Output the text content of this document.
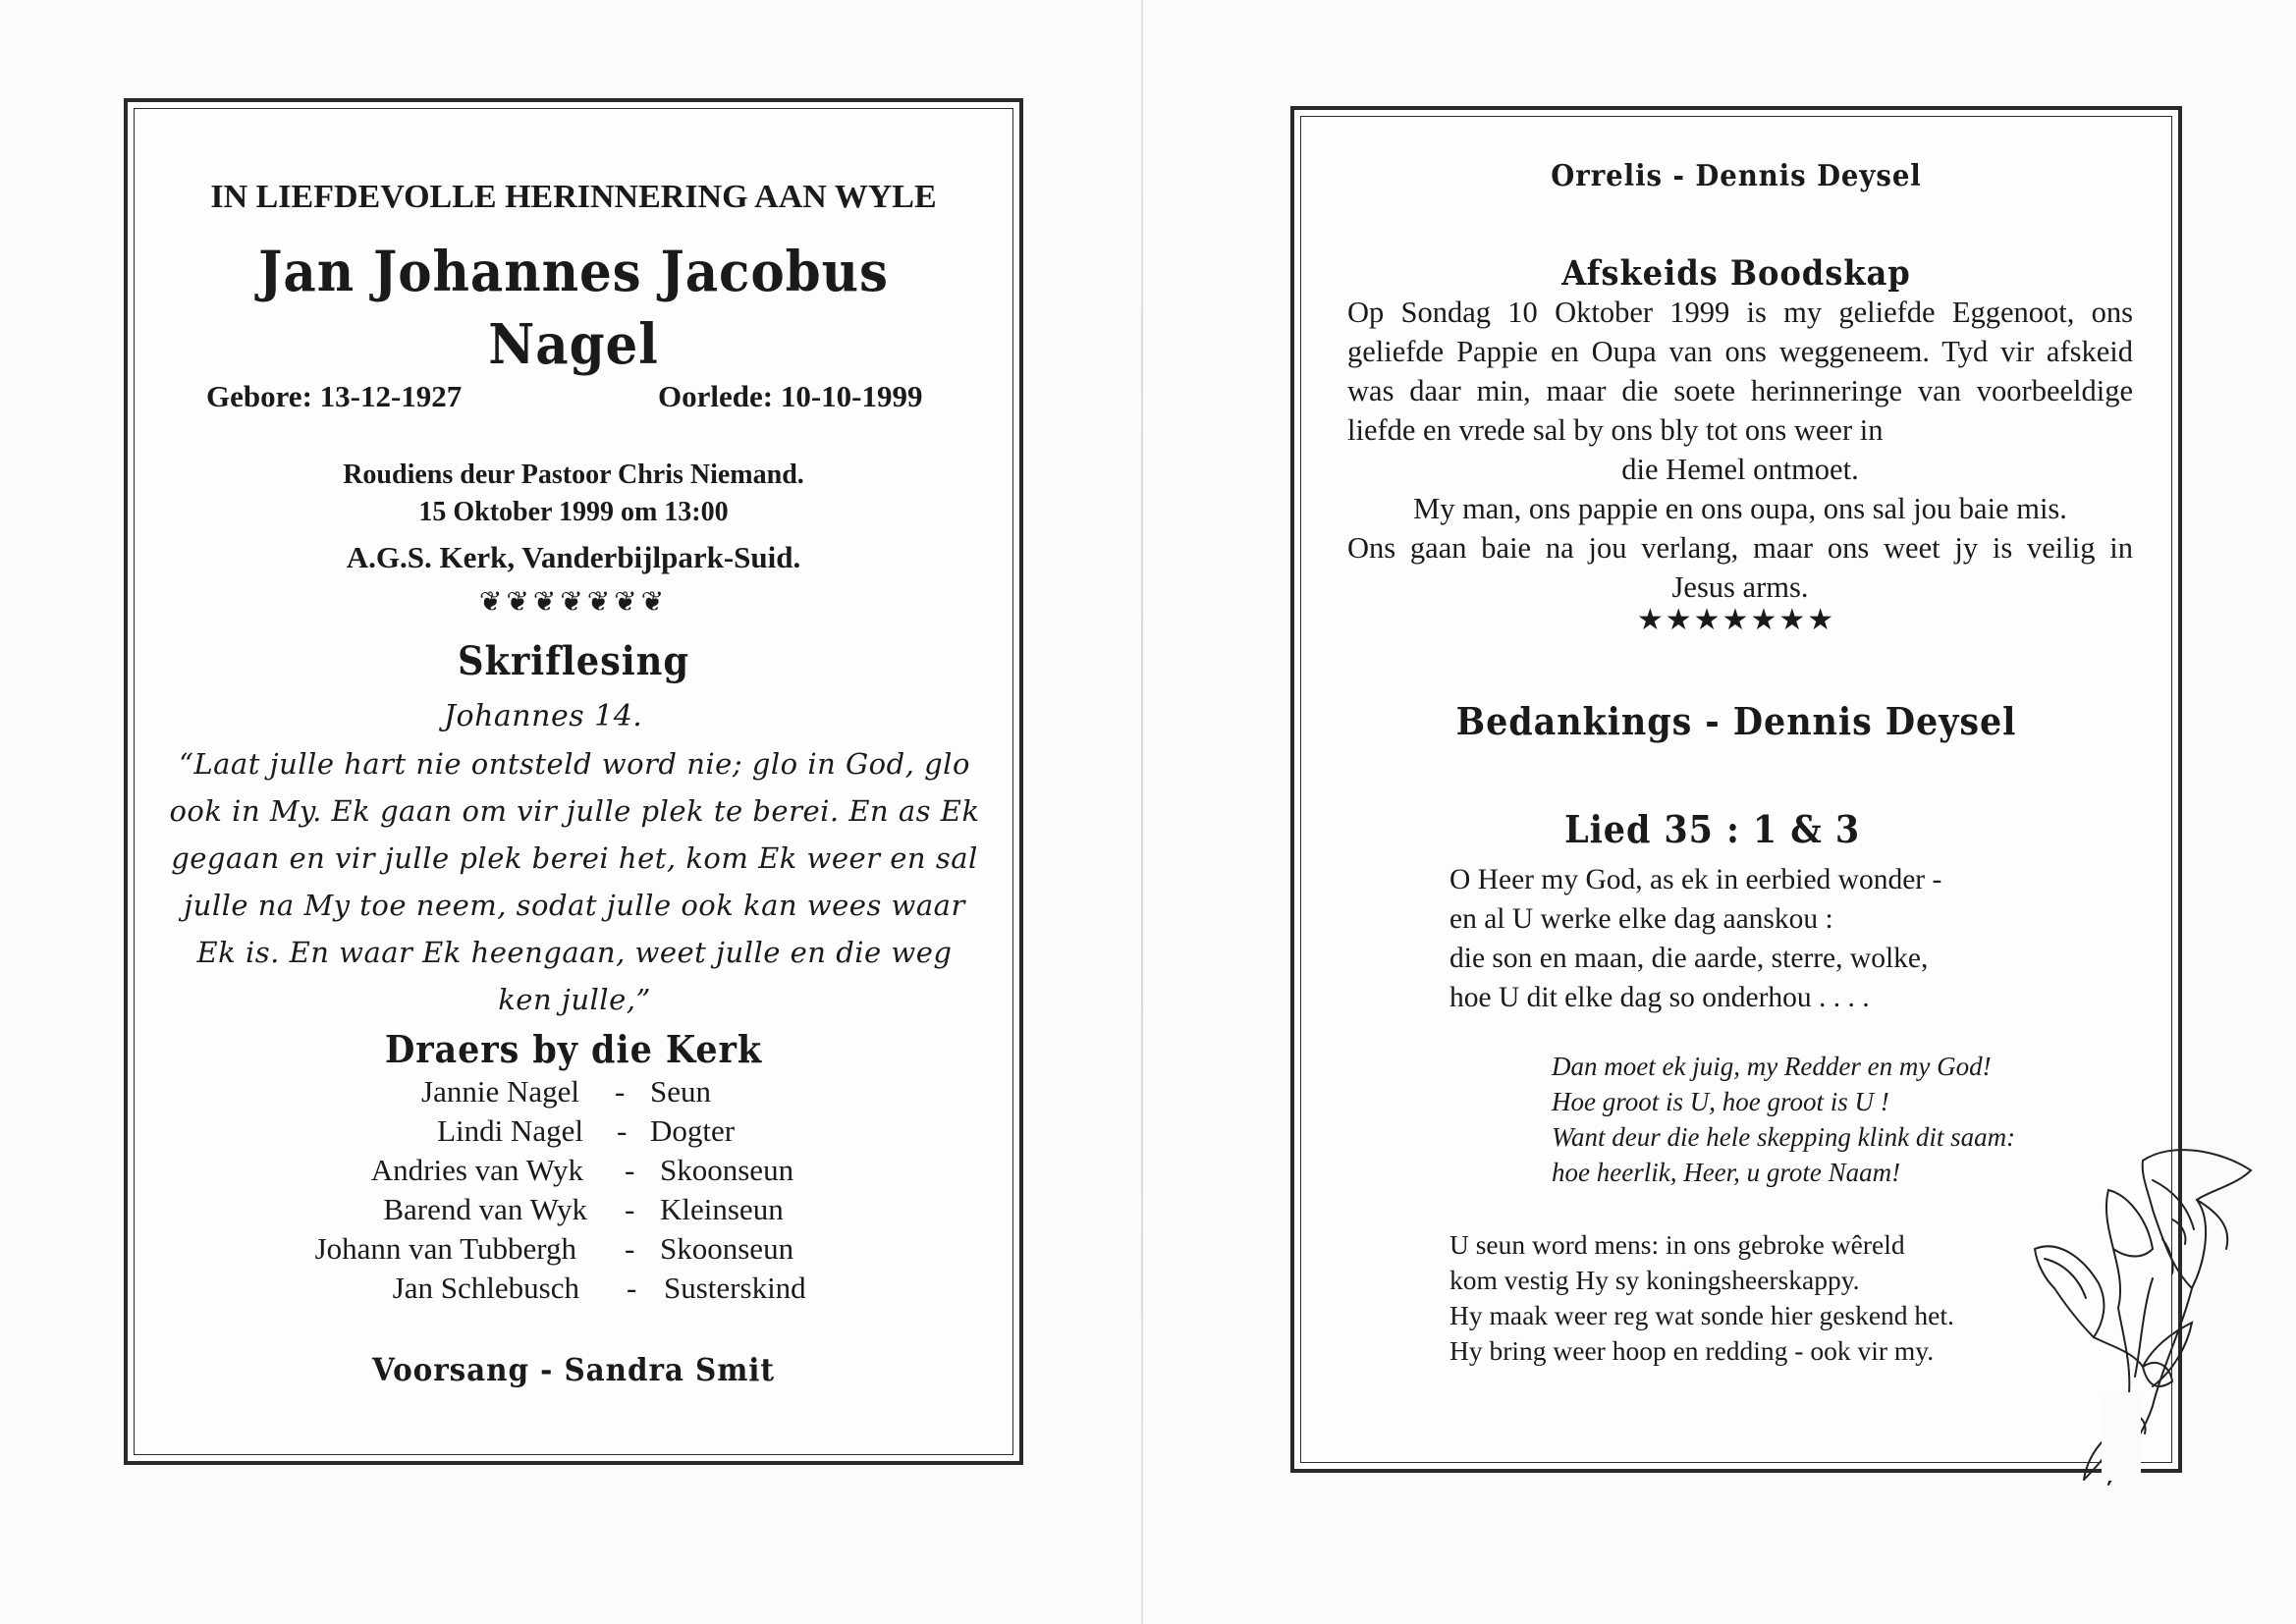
IN LIEFDEVOLLE HERINNERING AAN WYLE
Jan Johannes Jacobus
Nagel
Gebore: 13-12-1927	Oorlede: 10-10-1999
Roudiens deur Pastoor Chris Niemand.
15 Oktober 1999 om 13:00
A.G.S. Kerk, Vanderbijlpark-Suid.
❦❦❦❦❦❦❦
Skriflesing
Johannes 14.
“Laat julle hart nie ontsteld word nie; glo in God, glo ook in My. Ek gaan om vir julle plek te berei. En as Ek gegaan en vir julle plek berei het, kom Ek weer en sal julle na My toe neem, sodat julle ook kan wees waar Ek is. En waar Ek heengaan, weet julle en die weg ken julle,”
Draers by die Kerk
Jannie Nagel - Seun
Lindi Nagel - Dogter
Andries van Wyk - Skoonseun
Barend van Wyk - Kleinseun
Johann van Tubbergh - Skoonseun
Jan Schlebusch - Susterskind
Voorsang - Sandra Smit
Orrelis - Dennis Deysel
Afskeids Boodskap

Op Sondag 10 Oktober 1999 is my geliefde Eggenoot, ons geliefde Pappie en Oupa van ons weggeneem. Tyd vir afskeid was daar min, maar die soete herinneringe van voorbeeldige liefde en vrede sal by ons bly tot ons weer in

die Hemel ontmoet.

My man, ons pappie en ons oupa, ons sal jou baie mis.

Ons gaan baie na jou verlang, maar ons weet jy is veilig in

Jesus arms.

★★★★★★★
Bedankings - Dennis Deysel
Lied 35 : 1 & 3
O Heer my God, as ek in eerbied wonder -
en al U werke elke dag aanskou :
die son en maan, die aarde, sterre, wolke,
hoe U dit elke dag so onderhou . . . .
Dan moet ek juig, my Redder en my God!
Hoe groot is U, hoe groot is U !
Want deur die hele skepping klink dit saam:
hoe heerlik, Heer, u grote Naam!
U seun word mens: in ons gebroke wêreld
kom vestig Hy sy koningsheerskappy.
Hy maak weer reg wat sonde hier geskend het.
Hy bring weer hoop en redding - ook vir my.
